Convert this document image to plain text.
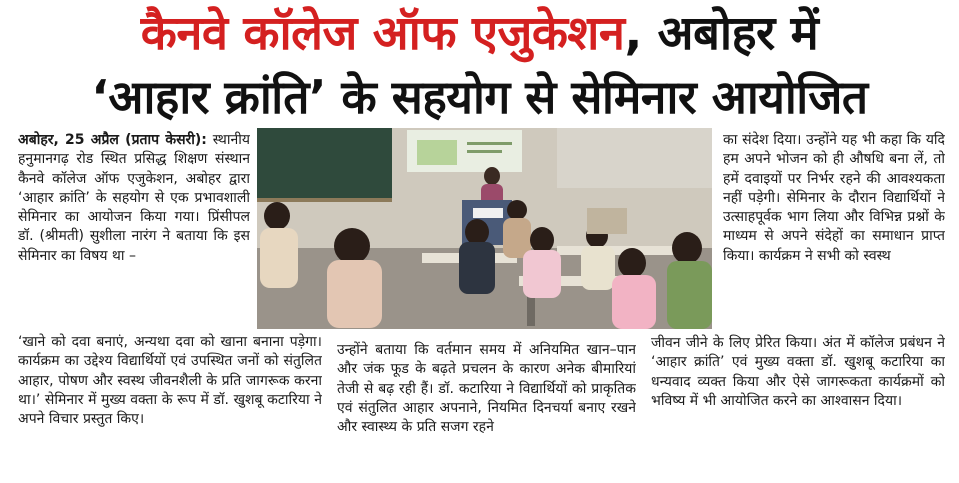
कैनवे कॉलेज ऑफ एजुकेशन, अबोहर में
‘आहार क्रांति’ के सहयोग से सेमिनार आयोजित

अबोहर, 25 अप्रैल (प्रताप केसरी): स्थानीय हनुमानगढ़ रोड स्थित प्रसिद्ध शिक्षण संस्थान कैनवे कॉलेज ऑफ एजुकेशन, अबोहर द्वारा ‘आहार क्रांति’ के सहयोग से एक प्रभावशाली सेमिनार का आयोजन किया गया। प्रिंसीपल डॉ. (श्रीमती) सुशीला नारंग ने बताया कि इस सेमिनार का विषय था –

‘खाने को दवा बनाएं, अन्यथा दवा को खाना बनाना पड़ेगा। कार्यक्रम का उद्देश्य विद्यार्थियों एवं उपस्थित जनों को संतुलित आहार, पोषण और स्वस्थ जीवनशैली के प्रति जागरूक करना था।’ सेमिनार में मुख्य वक्ता के रूप में डॉ. खुशबू कटारिया ने अपने विचार प्रस्तुत किए।

उन्होंने बताया कि वर्तमान समय में अनियमित खान–पान और जंक फूड के बढ़ते प्रचलन के कारण अनेक बीमारियां तेजी से बढ़ रही हैं। डॉ. कटारिया ने विद्यार्थियों को प्राकृतिक एवं संतुलित आहार अपनाने, नियमित दिनचर्या बनाए रखने और स्वास्थ्य के प्रति सजग रहने

का संदेश दिया। उन्होंने यह भी कहा कि यदि हम अपने भोजन को ही औषधि बना लें, तो हमें दवाइयों पर निर्भर रहने की आवश्यकता नहीं पड़ेगी। सेमिनार के दौरान विद्यार्थियों ने उत्साहपूर्वक भाग लिया और विभिन्न प्रश्नों के माध्यम से अपने संदेहों का समाधान प्राप्त किया। कार्यक्रम ने सभी को स्वस्थ

जीवन जीने के लिए प्रेरित किया। अंत में कॉलेज प्रबंधन ने ‘आहार क्रांति’ एवं मुख्य वक्ता डॉ. खुशबू कटारिया का धन्यवाद व्यक्त किया और ऐसे जागरूकता कार्यक्रमों को भविष्य में भी आयोजित करने का आश्वासन दिया।
